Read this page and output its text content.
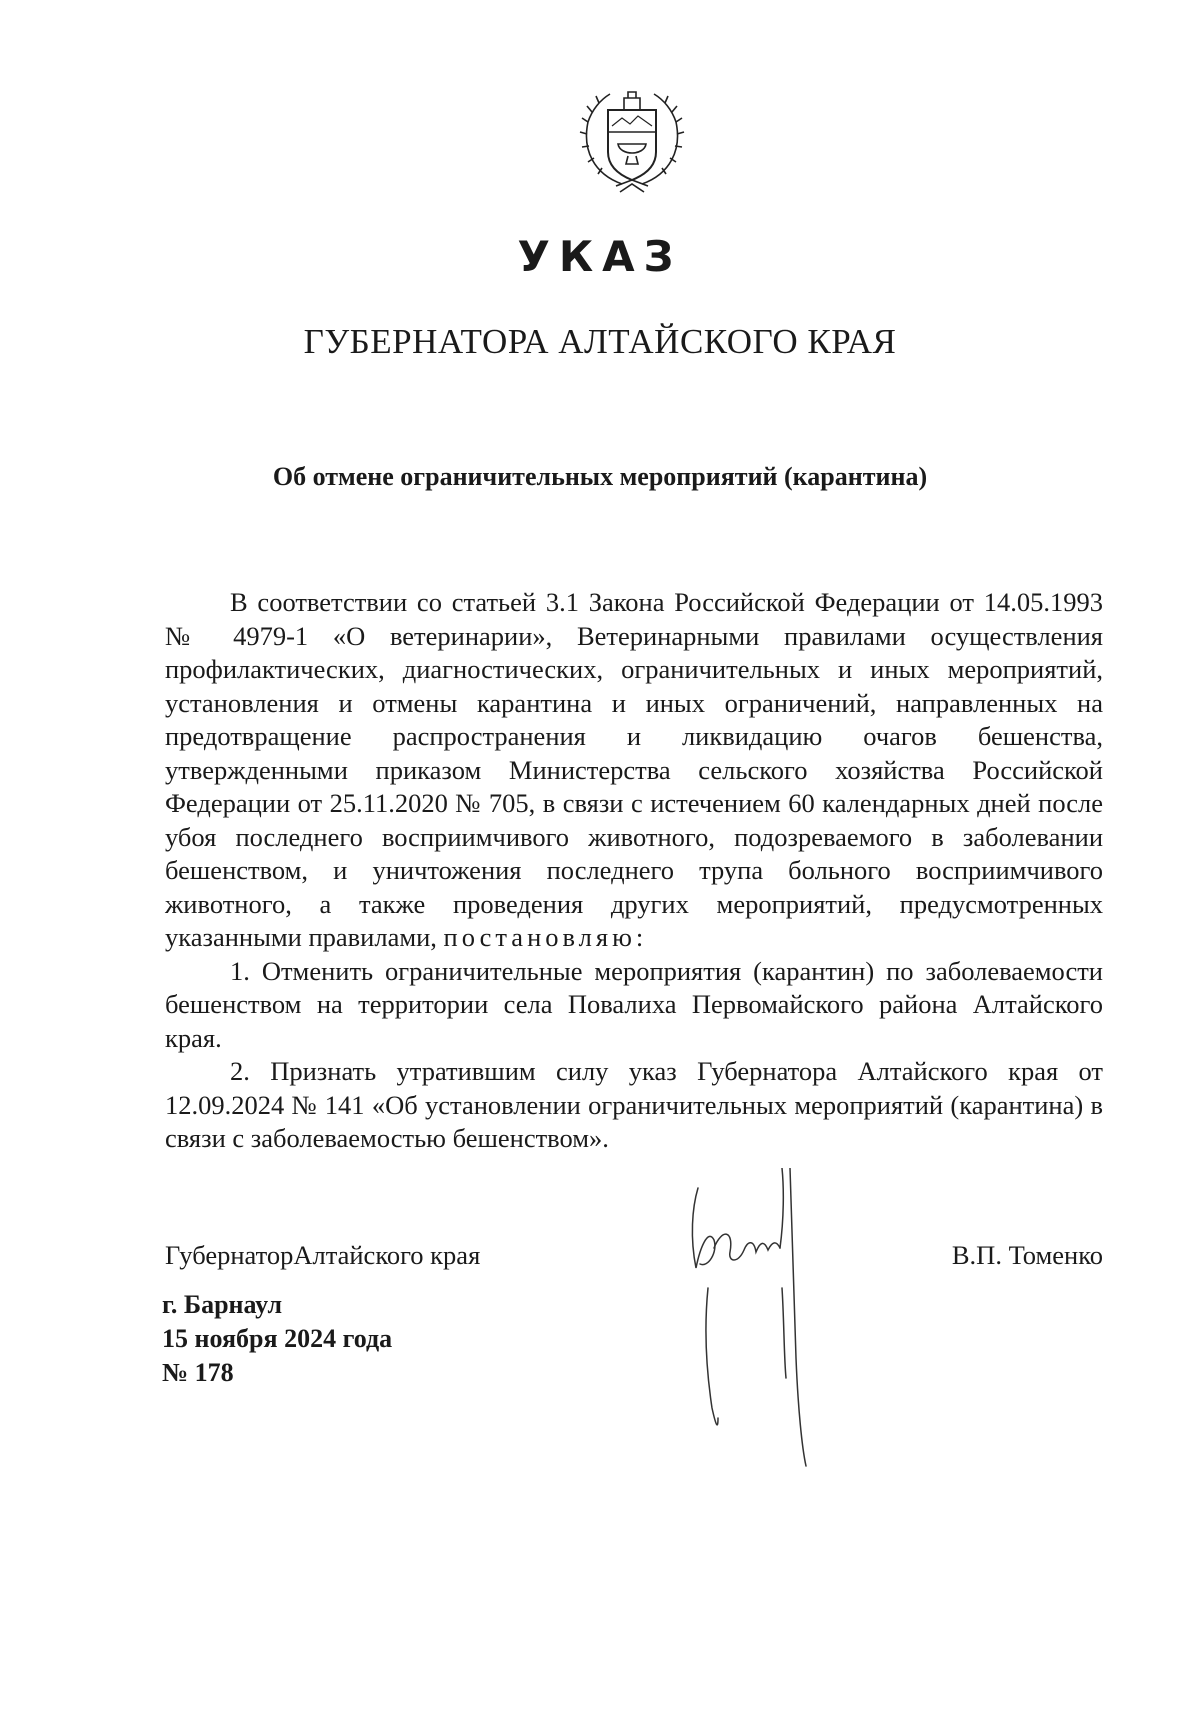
УКАЗ
ГУБЕРНАТОРА АЛТАЙСКОГО КРАЯ
Об отмене ограничительных мероприятий (карантина)

В соответствии со статьей 3.1 Закона Российской Федерации от 14.05.1993 № 4979-1 «О ветеринарии», Ветеринарными правилами осуществления профилактических, диагностических, ограничительных и иных мероприятий, установления и отмены карантина и иных ограничений, направленных на предотвращение распространения и ликвидацию очагов бешенства, утвержденными приказом Министерства сельского хозяйства Российской Федерации от 25.11.2020 № 705, в связи с истечением 60 календарных дней после убоя последнего восприимчивого животного, подозреваемого в заболевании бешенством, и уничтожения последнего трупа больного восприимчивого животного, а также проведения других мероприятий, предусмотренных указанными правилами, постановляю:

1. Отменить ограничительные мероприятия (карантин) по заболеваемости бешенством на территории села Повалиха Первомайского района Алтайского края.

2. Признать утратившим силу указ Губернатора Алтайского края от 12.09.2024 № 141 «Об установлении ограничительных мероприятий (карантина) в связи с заболеваемостью бешенством».

ГубернаторАлтайского края	В.П. Томенко
г. Барнаул
15 ноября 2024 года
№ 178
